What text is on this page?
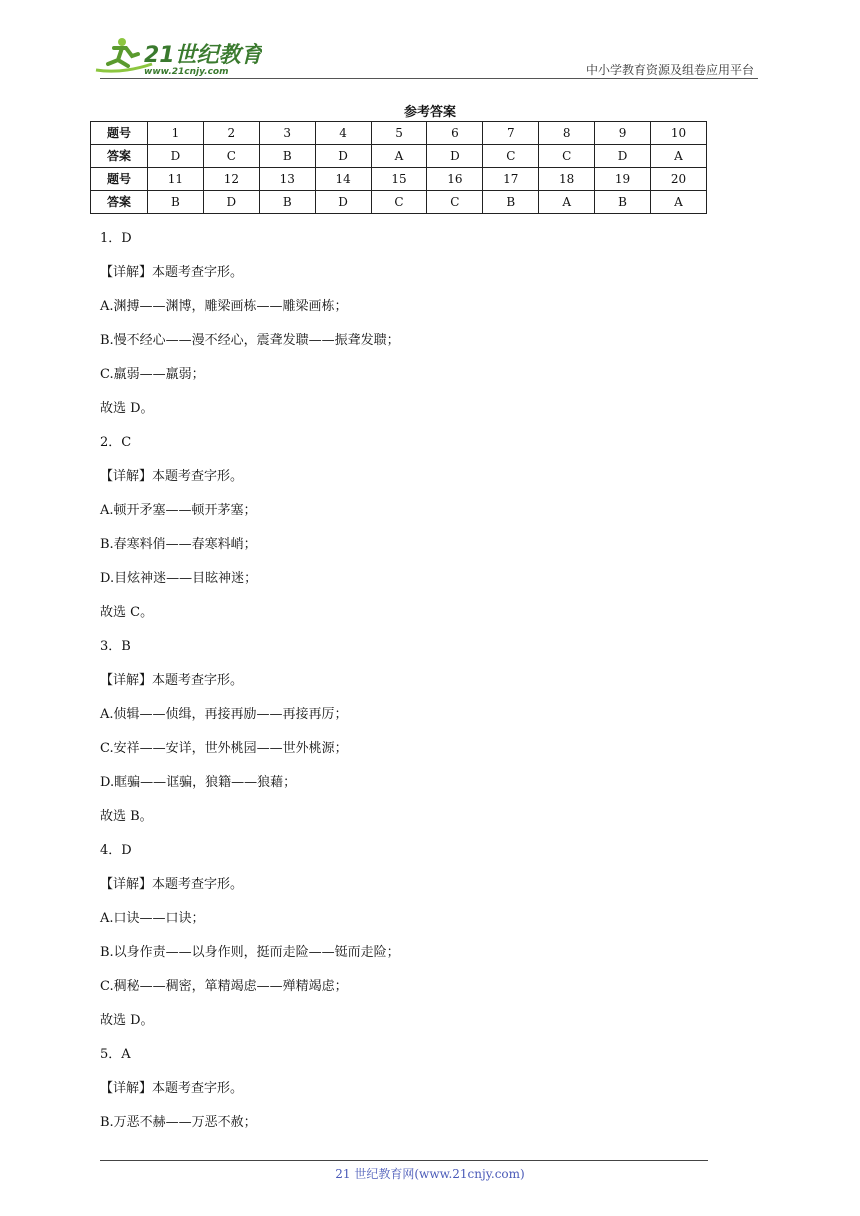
21世纪教育
www.21cnjy.com	中小学教育资源及组卷应用平台
参考答案
题号	1	2	3	4	5	6	7	8	9	10
答案	D	C	B	D	A	D	C	C	D	A
题号	11	12	13	14	15	16	17	18	19	20
答案	B	D	B	D	C	C	B	A	B	A
1．D
【详解】本题考查字形。
A.渊搏——渊博，雕梁画栋——雕梁画栋；
B.慢不经心——漫不经心，震聋发聩——振聋发聩；
C.羸弱——羸弱；
故选 D。
2．C
【详解】本题考查字形。
A.顿开矛塞——顿开茅塞；
B.春寒料俏——春寒料峭；
D.目炫神迷——目眩神迷；
故选 C。
3．B
【详解】本题考查字形。
A.侦辑——侦缉，再接再励——再接再厉；
C.安祥——安详，世外桃园——世外桃源；
D.眶骗——诓骗，狼籍——狼藉；
故选 B。
4．D
【详解】本题考查字形。
A.口诀——口诀；
B.以身作责——以身作则，挺而走险——铤而走险；
C.稠秘——稠密，箪精竭虑——殚精竭虑；
故选 D。
5．A
【详解】本题考查字形。
B.万恶不赫——万恶不赦；
21 世纪教育网(www.21cnjy.com)
